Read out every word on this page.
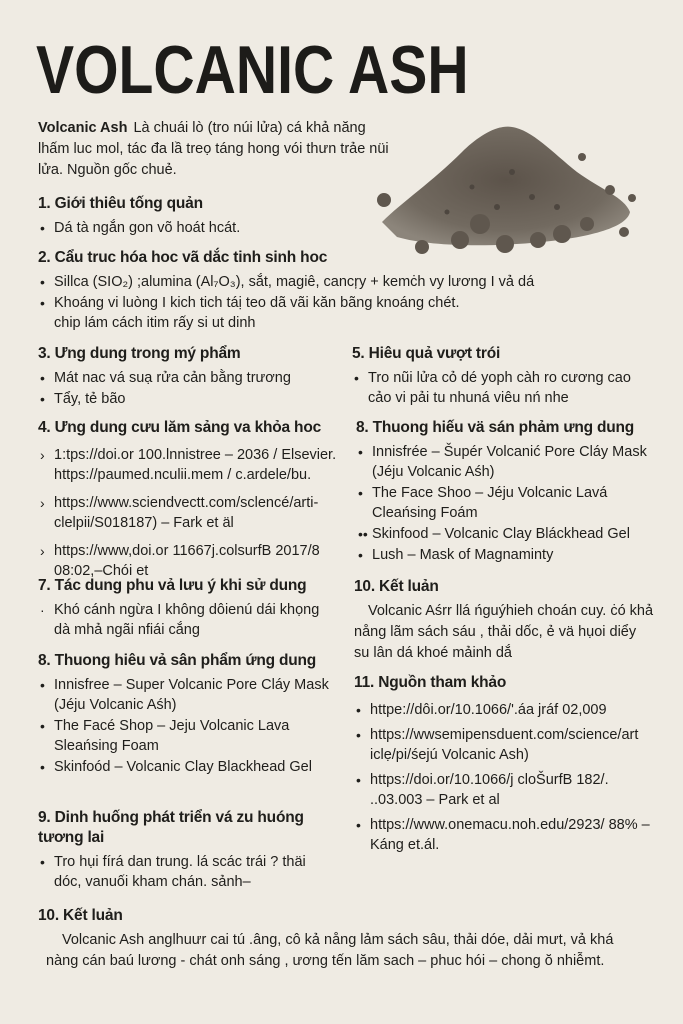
VOLCANIC ASH
Volcanic Ash Là chuái lò (tro núi lửa) cá khả năng lhấm luc mol, tác đa lầ treọ táng hong vói thưn trảe nüi lửa. Nguồn gốc chuẻ.
1. Giới thiêu tống quản
• Dá tà ngắn gon võ hoát hcát.
2. Cẩu truc hóa hoc vã dắc tinh sinh hoc
• Sillca (SIO₂) ;alumina (Al₇O₃), sắt, magiê, cancŗy + kemċh vy lương I vả dá
• Khoáng vi luòng I kich tich táị teo dã vãi kăn bãng knoáng chét.
chip lám cách itim rấy si ut dinh
3. Ưng dung trong mý phẩm
• Mát nac vá suạ rửa cản bằng trương
• Tẩy, tẻ bão
4. Ưng dung cưu lăm sảng va khỏa hoc
› 1:tps://doi.or 100.lnnistree – 2036 / Elsevier. https://paumed.nculii.mem / c.ardele/bu.
› https://www.sciendvectt.com/sclencé/arti-clelpii/S018187) – Fark et äl
› https://www,doi.or 11667j.colsurfB 2017/8 08:02,–Chói et
5. Hiêu quả vượt trói
• Tro nũi lửa cỏ dé yoph càh ro cương cao cảo vi pải tu nhuná viêu nń nhe
8. Thuong hiếu vä sán phảm ưng dung
• Innisfrée – Šupér Volcanić Pore Cláy Mask (Jéju Volcanic Aśh)
• The Face Shoo – Jéju Volcanic Lavá Cleańsing Foám
•• Skinfood – Volcanic Clay Bláckhead Gel
• Lush – Mask of Magnaminty
7. Tác dung phu vả lưu ý khi sử dung
· Khó cánh ngừa I không dôienú dái khọng dà mhả ngãi nfiái cắng
8. Thuong hiêu vả sân phẩm ứng dung
• Innisfree – Super Volcanic Pore Cláy Mask (Jéju Volcanic Aśh)
• The Facé Shop – Jeju Volcanic Lava Sleańsing Foam
• Skinfoód – Volcanic Clay Blackhead Gel
10. Kết luản

Volcanic Aśrr llá ńguýhieh choán cuy. ċó khả nång lãm sách sáu , thải dốc, ẻ vä hụoi diểy su lân dá khoé mảinh dắ

11. Nguồn tham khảo
• httpe://dôi.or/10.1066/'.áa jráf 02,009
• https://wwsemipensduent.com/science/art iclẹ/pi/śejú Volcanic Ash)
• https://doi.or/10.1066/j cloŠurfB 182/. ..03.003 – Park et al
• https://www.onemacu.noh.edu/2923/ 88% – Káng et.ál.
9. Dinh huống phát triển vá zu huóng tương lai
• Tro hụi fírá dan trung. lá scác trái ? thäi dóc, vanuối kham chán. sảnh–
10. Kết luản

Volcanic Ash anglhuưr cai tú .âng, cô kả nång lảm sách sâu, thải dóe, dải mưt, vả khá nàng cán baú lương - chát onh sáng , ương tến lăm sach – phuc hói – chong ŏ nhiễmt.
